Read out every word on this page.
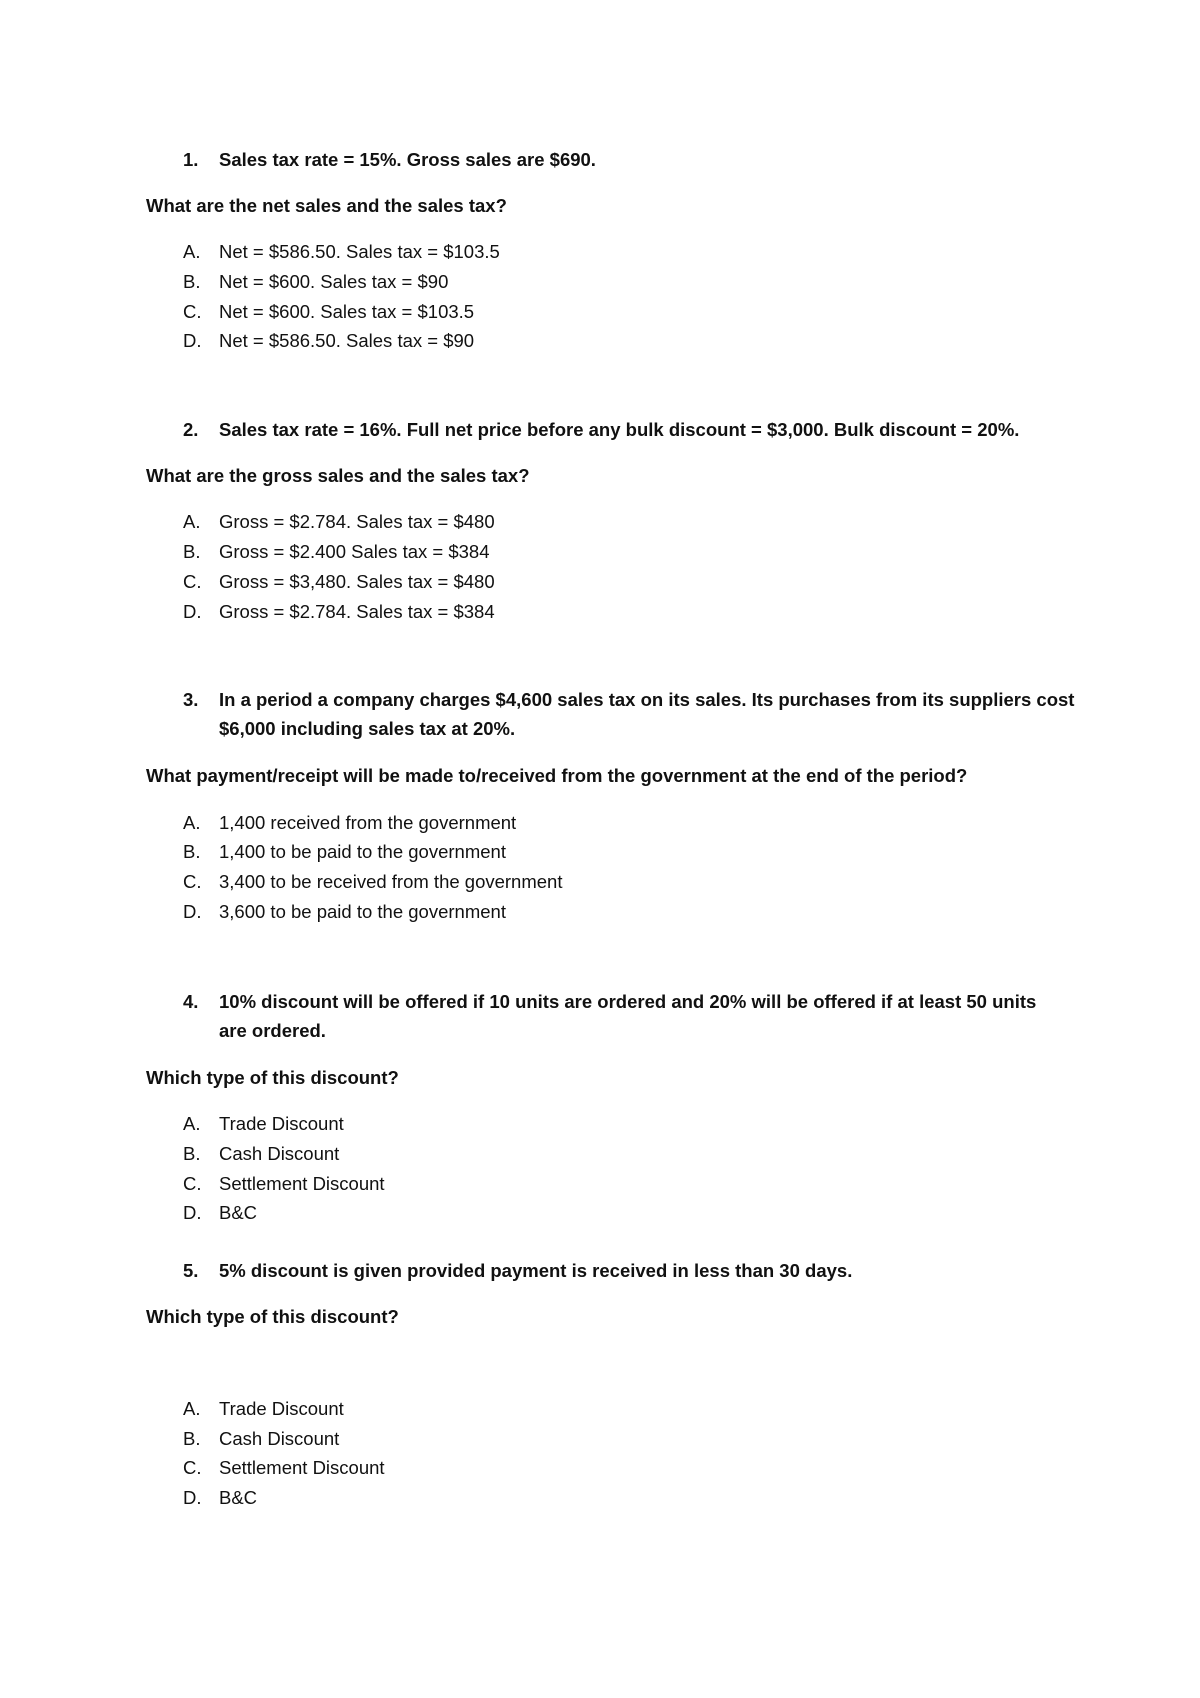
1. Sales tax rate = 15%. Gross sales are $690.
What are the net sales and the sales tax?
A. Net = $586.50. Sales tax = $103.5
B. Net = $600. Sales tax = $90
C. Net = $600. Sales tax = $103.5
D. Net = $586.50. Sales tax = $90
2. Sales tax rate = 16%. Full net price before any bulk discount = $3,000. Bulk discount = 20%.
What are the gross sales and the sales tax?
A. Gross = $2.784. Sales tax = $480
B. Gross = $2.400 Sales tax = $384
C. Gross = $3,480. Sales tax = $480
D. Gross = $2.784. Sales tax = $384
3. In a period a company charges $4,600 sales tax on its sales. Its purchases from its suppliers cost $6,000 including sales tax at 20%.
What payment/receipt will be made to/received from the government at the end of the period?
A. 1,400 received from the government
B. 1,400 to be paid to the government
C. 3,400 to be received from the government
D. 3,600 to be paid to the government
4. 10% discount will be offered if 10 units are ordered and 20% will be offered if at least 50 units are ordered.
Which type of this discount?
A. Trade Discount
B. Cash Discount
C. Settlement Discount
D. B&C
5. 5% discount is given provided payment is received in less than 30 days.
Which type of this discount?
A. Trade Discount
B. Cash Discount
C. Settlement Discount
D. B&C
